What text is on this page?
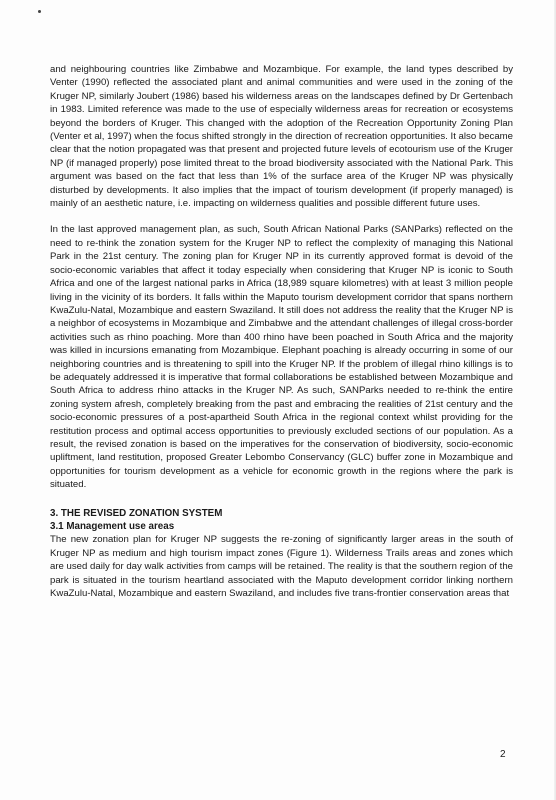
and neighbouring countries like Zimbabwe and Mozambique. For example, the land types described by Venter (1990) reflected the associated plant and animal communities and were used in the zoning of the Kruger NP, similarly Joubert (1986) based his wilderness areas on the landscapes defined by Dr Gertenbach in 1983. Limited reference was made to the use of especially wilderness areas for recreation or ecosystems beyond the borders of Kruger. This changed with the adoption of the Recreation Opportunity Zoning Plan (Venter et al, 1997) when the focus shifted strongly in the direction of recreation opportunities. It also became clear that the notion propagated was that present and projected future levels of ecotourism use of the Kruger NP (if managed properly) pose limited threat to the broad biodiversity associated with the National Park. This argument was based on the fact that less than 1% of the surface area of the Kruger NP was physically disturbed by developments. It also implies that the impact of tourism development (if properly managed) is mainly of an aesthetic nature, i.e. impacting on wilderness qualities and possible different future uses.

In the last approved management plan, as such, South African National Parks (SANParks) reflected on the need to re-think the zonation system for the Kruger NP to reflect the complexity of managing this National Park in the 21st century. The zoning plan for Kruger NP in its currently approved format is devoid of the socio-economic variables that affect it today especially when considering that Kruger NP is iconic to South Africa and one of the largest national parks in Africa (18,989 square kilometres) with at least 3 million people living in the vicinity of its borders. It falls within the Maputo tourism development corridor that spans northern KwaZulu-Natal, Mozambique and eastern Swaziland. It still does not address the reality that the Kruger NP is a neighbor of ecosystems in Mozambique and Zimbabwe and the attendant challenges of illegal cross-border activities such as rhino poaching. More than 400 rhino have been poached in South Africa and the majority was killed in incursions emanating from Mozambique. Elephant poaching is already occurring in some of our neighboring countries and is threatening to spill into the Kruger NP. If the problem of illegal rhino killings is to be adequately addressed it is imperative that formal collaborations be established between Mozambique and South Africa to address rhino attacks in the Kruger NP. As such, SANParks needed to re-think the entire zoning system afresh, completely breaking from the past and embracing the realities of 21st century and the socio-economic pressures of a post-apartheid South Africa in the regional context whilst providing for the restitution process and optimal access opportunities to previously excluded sections of our population. As a result, the revised zonation is based on the imperatives for the conservation of biodiversity, socio-economic upliftment, land restitution, proposed Greater Lebombo Conservancy (GLC) buffer zone in Mozambique and opportunities for tourism development as a vehicle for economic growth in the regions where the park is situated.

3. THE REVISED ZONATION SYSTEM

3.1 Management use areas

The new zonation plan for Kruger NP suggests the re-zoning of significantly larger areas in the south of Kruger NP as medium and high tourism impact zones (Figure 1). Wilderness Trails areas and zones which are used daily for day walk activities from camps will be retained. The reality is that the southern region of the park is situated in the tourism heartland associated with the Maputo development corridor linking northern KwaZulu-Natal, Mozambique and eastern Swaziland, and includes five trans-frontier conservation areas that

2
